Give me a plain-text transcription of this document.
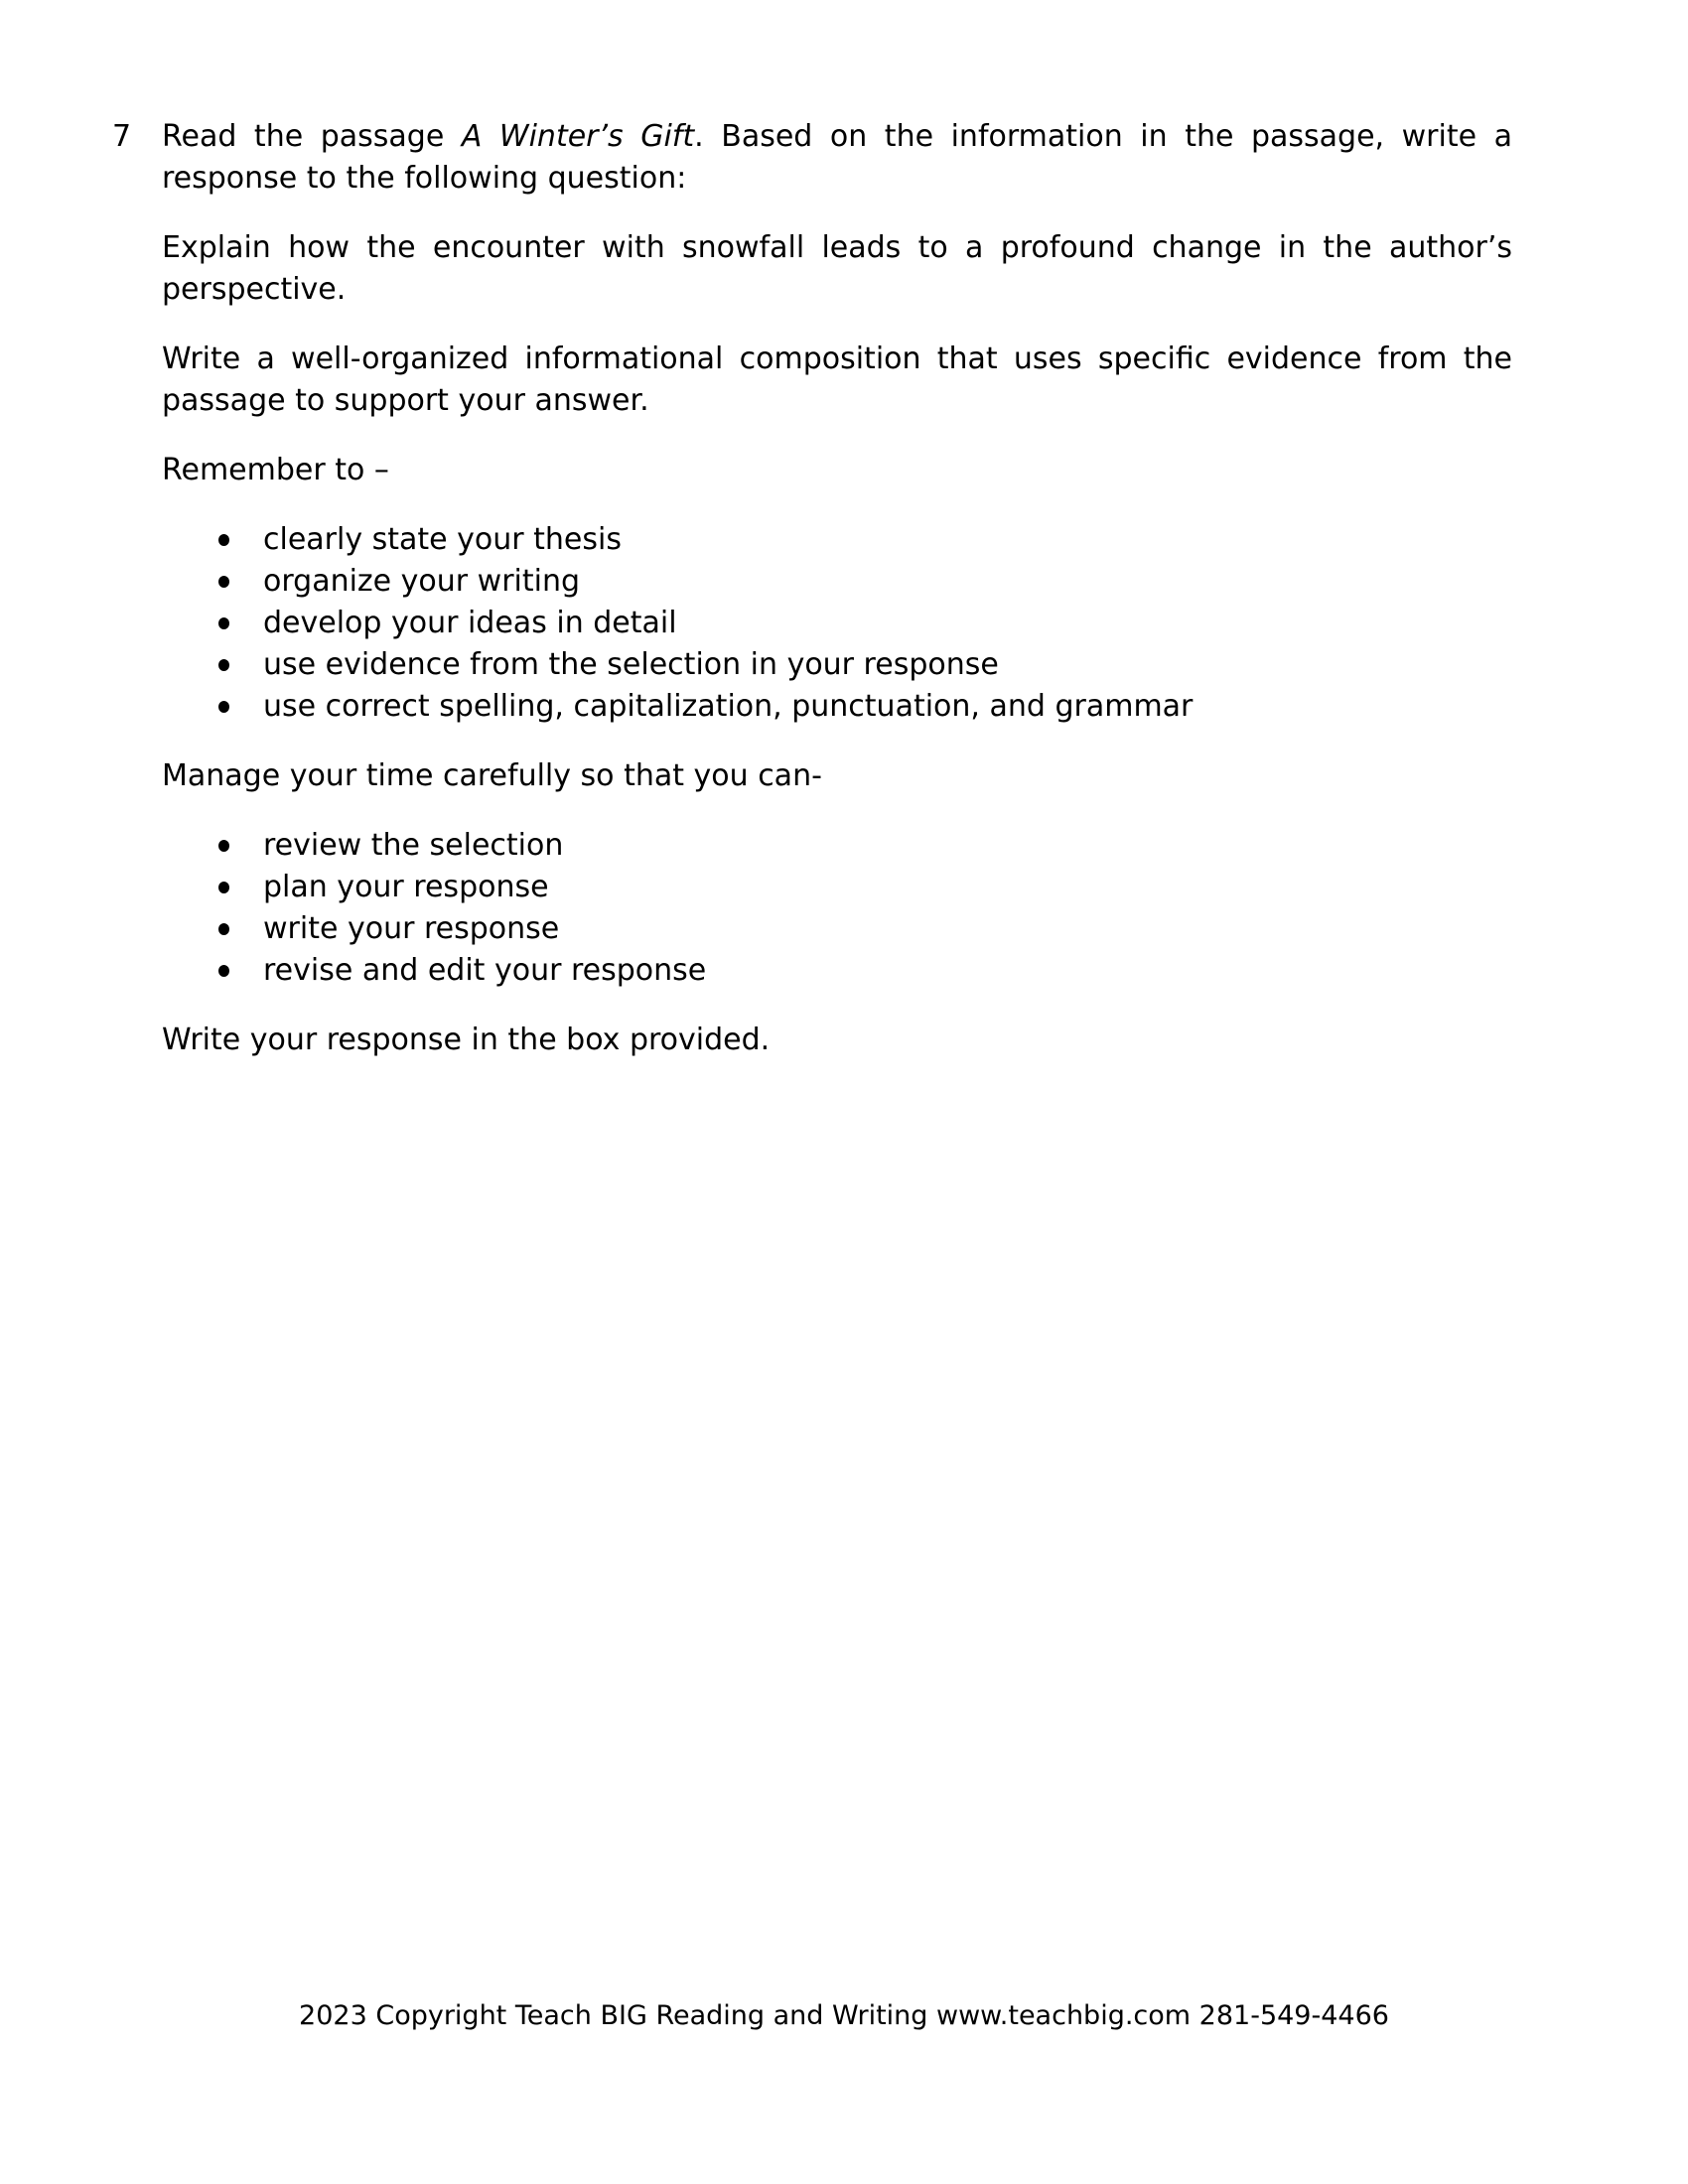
7 Read the passage A Winter’s Gift. Based on the information in the passage, write a response to the following question:

Explain how the encounter with snowfall leads to a profound change in the author’s perspective.

Write a well-organized informational composition that uses specific evidence from the passage to support your answer.

Remember to –

clearly state your thesis
organize your writing
develop your ideas in detail
use evidence from the selection in your response
use correct spelling, capitalization, punctuation, and grammar

Manage your time carefully so that you can-

review the selection
plan your response
write your response
revise and edit your response

Write your response in the box provided.

2023 Copyright Teach BIG Reading and Writing www.teachbig.com 281-549-4466
